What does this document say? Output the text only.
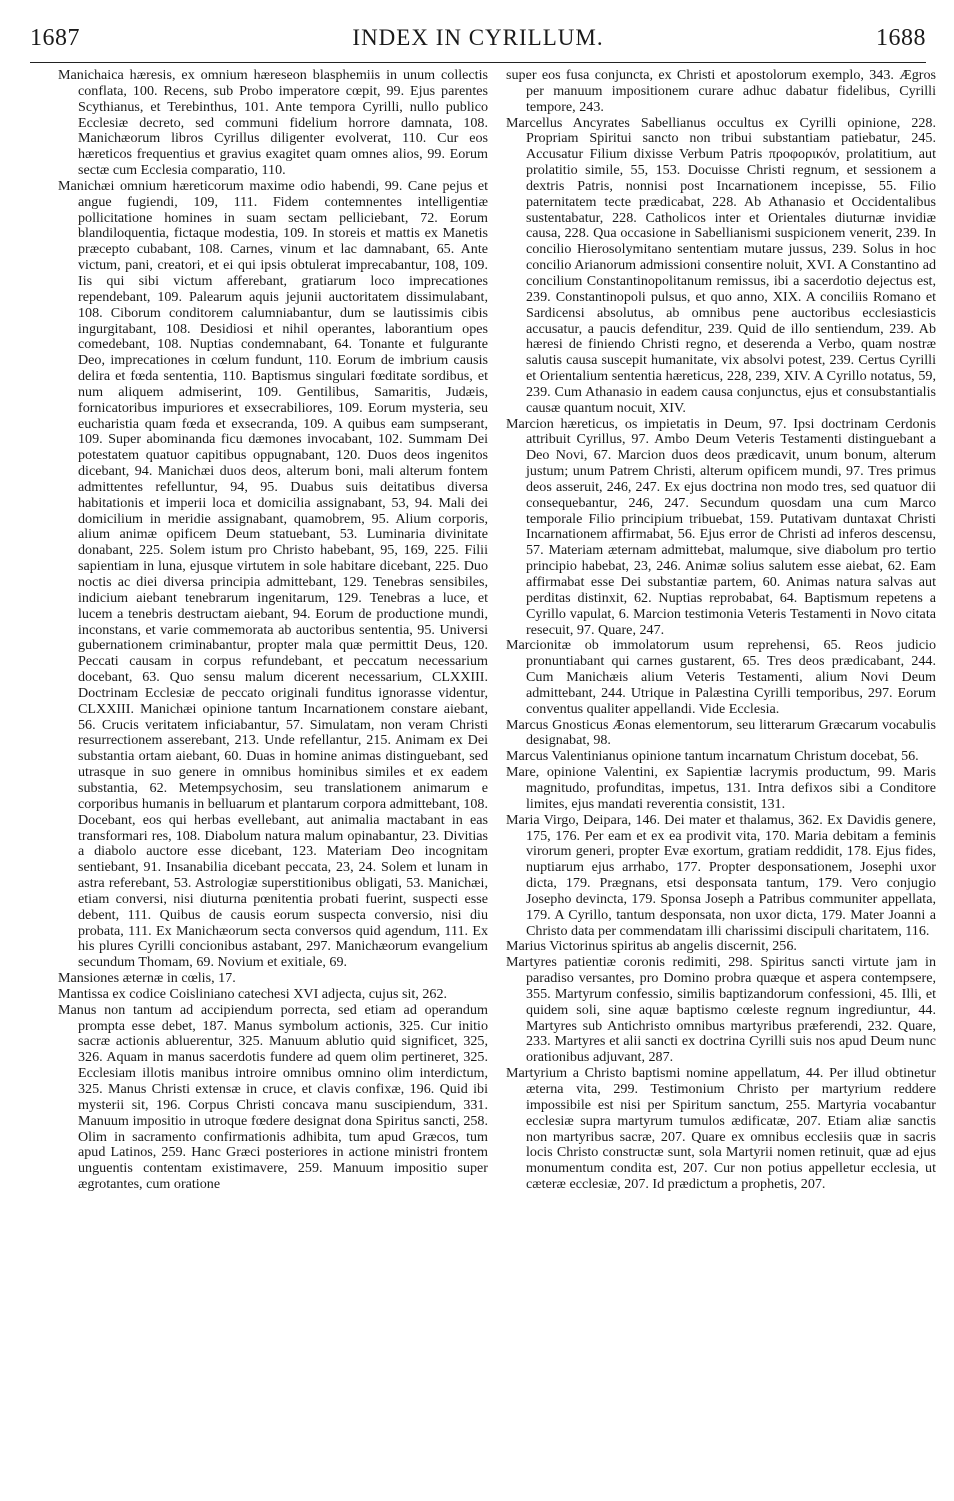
1687	INDEX IN CYRILLUM.	1688

Manichaica hæresis, ex omnium hæreseon blasphemiis in unum collectis conflata, 100. Recens, sub Probo imperatore cœpit, 99. Ejus parentes Scythianus, et Terebinthus, 101. Ante tempora Cyrilli, nullo publico Ecclesiæ decreto, sed communi fidelium horrore damnata, 108. Manichæorum libros Cyrillus diligenter evolverat, 110. Cur eos hæreticos frequentius et gravius exagitet quam omnes alios, 99. Eorum sectæ cum Ecclesia comparatio, 110.

Manichæi omnium hæreticorum maxime odio habendi, 99. Cane pejus et angue fugiendi, 109, 111. Fidem contemnentes intelligentiæ pollicitatione homines in suam sectam pelliciebant, 72. Eorum blandiloquentia, fictaque modestia, 109. In storeis et mattis ex Manetis præcepto cubabant, 108. Carnes, vinum et lac damnabant, 65. Ante victum, pani, creatori, et ei qui ipsis obtulerat imprecabantur, 108, 109. Iis qui sibi victum afferebant, gratiarum loco imprecationes rependebant, 109. Palearum aquis jejunii auctoritatem dissimulabant, 108. Ciborum conditorem calumniabantur, dum se lautissimis cibis ingurgitabant, 108. Desidiosi et nihil operantes, laborantium opes comedebant, 108. Nuptias condemnabant, 64. Tonante et fulgurante Deo, imprecationes in cœlum fundunt, 110. Eorum de imbrium causis delira et fœda sententia, 110. Baptismus singulari fœditate sordibus, et num aliquem admiserint, 109. Gentilibus, Samaritis, Judæis, fornicatoribus impuriores et exsecrabiliores, 109. Eorum mysteria, seu eucharistia quam fœda et exsecranda, 109. A quibus eam sumpserant, 109. Super abominanda ficu dæmones invocabant, 102. Summam Dei potestatem quatuor capitibus oppugnabant, 120. Duos deos ingenitos dicebant, 94. Manichæi duos deos, alterum boni, mali alterum fontem admittentes refelluntur, 94, 95. Duabus suis deitatibus diversa habitationis et imperii loca et domicilia assignabant, 53, 94. Mali dei domicilium in meridie assignabant, quamobrem, 95. Alium corporis, alium animæ opificem Deum statuebant, 53. Luminaria divinitate donabant, 225. Solem istum pro Christo habebant, 95, 169, 225. Filii sapientiam in luna, ejusque virtutem in sole habitare dicebant, 225. Duo noctis ac diei diversa principia admittebant, 129. Tenebras sensibiles, indicium aiebant tenebrarum ingenitarum, 129. Tenebras a luce, et lucem a tenebris destructam aiebant, 94. Eorum de productione mundi, inconstans, et varie commemorata ab auctoribus sententia, 95. Universi gubernationem criminabantur, propter mala quæ permittit Deus, 120. Peccati causam in corpus refundebant, et peccatum necessarium docebant, 63. Quo sensu malum dicerent necessarium, CLXXIII. Doctrinam Ecclesiæ de peccato originali funditus ignorasse videntur, CLXXIII. Manichæi opinione tantum Incarnationem constare aiebant, 56. Crucis veritatem inficiabantur, 57. Simulatam, non veram Christi resurrectionem asserebant, 213. Unde refellantur, 215. Animam ex Dei substantia ortam aiebant, 60. Duas in homine animas distinguebant, sed utrasque in suo genere in omnibus hominibus similes et ex eadem substantia, 62. Metempsychosim, seu translationem animarum e corporibus humanis in belluarum et plantarum corpora admittebant, 108. Docebant, eos qui herbas evellebant, aut animalia mactabant in eas transformari res, 108. Diabolum natura malum opinabantur, 23. Divitias a diabolo auctore esse dicebant, 123. Materiam Deo incognitam sentiebant, 91. Insanabilia dicebant peccata, 23, 24. Solem et lunam in astra referebant, 53. Astrologiæ superstitionibus obligati, 53. Manichæi, etiam conversi, nisi diuturna pœnitentia probati fuerint, suspecti esse debent, 111. Quibus de causis eorum suspecta conversio, nisi diu probata, 111. Ex Manichæorum secta conversos quid agendum, 111. Ex his plures Cyrilli concionibus astabant, 297. Manichæorum evangelium secundum Thomam, 69. Novium et exitiale, 69.

Mansiones æternæ in cœlis, 17.

Mantissa ex codice Coisliniano catechesi XVI adjecta, cujus sit, 262.

Manus non tantum ad accipiendum porrecta, sed etiam ad operandum prompta esse debet, 187. Manus symbolum actionis, 325. Cur initio sacræ actionis abluerentur, 325. Manuum ablutio quid significet, 325, 326. Aquam in manus sacerdotis fundere ad quem olim pertineret, 325. Ecclesiam illotis manibus introire omnibus omnino olim interdictum, 325. Manus Christi extensæ in cruce, et clavis confixæ, 196. Quid ibi mysterii sit, 196. Corpus Christi concava manu suscipiendum, 331. Manuum impositio in utroque fœdere designat dona Spiritus sancti, 258. Olim in sacramento confirmationis adhibita, tum apud Græcos, tum apud Latinos, 259. Hanc Græci posteriores in actione ministri frontem unguentis contentam existimavere, 259. Manuum impositio super ægrotantes, cum oratione

super eos fusa conjuncta, ex Christi et apostolorum exemplo, 343. Ægros per manuum impositionem curare adhuc dabatur fidelibus, Cyrilli tempore, 243.

Marcellus Ancyrates Sabellianus occultus ex Cyrilli opinione, 228. Propriam Spiritui sancto non tribui substantiam patiebatur, 245. Accusatur Filium dixisse Verbum Patris προφορικόν, prolatitium, aut prolatitio simile, 55, 153. Docuisse Christi regnum, et sessionem a dextris Patris, nonnisi post Incarnationem incepisse, 55. Filio paternitatem tecte prædicabat, 228. Ab Athanasio et Occidentalibus sustentabatur, 228. Catholicos inter et Orientales diuturnæ invidiæ causa, 228. Qua occasione in Sabellianismi suspicionem venerit, 239. In concilio Hierosolymitano sententiam mutare jussus, 239. Solus in hoc concilio Arianorum admissioni consentire noluit, XVI. A Constantino ad concilium Constantinopolitanum remissus, ibi a sacerdotio dejectus est, 239. Constantinopoli pulsus, et quo anno, XIX. A conciliis Romano et Sardicensi absolutus, ab omnibus pene auctoribus ecclesiasticis accusatur, a paucis defenditur, 239. Quid de illo sentiendum, 239. Ab hæresi de finiendo Christi regno, et deserenda a Verbo, quam nostræ salutis causa suscepit humanitate, vix absolvi potest, 239. Certus Cyrilli et Orientalium sententia hæreticus, 228, 239, XIV. A Cyrillo notatus, 59, 239. Cum Athanasio in eadem causa conjunctus, ejus et consubstantialis causæ quantum nocuit, XIV.

Marcion hæreticus, os impietatis in Deum, 97. Ipsi doctrinam Cerdonis attribuit Cyrillus, 97. Ambo Deum Veteris Testamenti distinguebant a Deo Novi, 67. Marcion duos deos prædicavit, unum bonum, alterum justum; unum Patrem Christi, alterum opificem mundi, 97. Tres primus deos asseruit, 246, 247. Ex ejus doctrina non modo tres, sed quatuor dii consequebantur, 246, 247. Secundum quosdam una cum Marco temporale Filio principium tribuebat, 159. Putativam duntaxat Christi Incarnationem affirmabat, 56. Ejus error de Christi ad inferos descensu, 57. Materiam æternam admittebat, malumque, sive diabolum pro tertio principio habebat, 23, 246. Animæ solius salutem esse aiebat, 62. Eam affirmabat esse Dei substantiæ partem, 60. Animas natura salvas aut perditas distinxit, 62. Nuptias reprobabat, 64. Baptismum repetens a Cyrillo vapulat, 6. Marcion testimonia Veteris Testamenti in Novo citata resecuit, 97. Quare, 247.

Marcionitæ ob immolatorum usum reprehensi, 65. Reos judicio pronuntiabant qui carnes gustarent, 65. Tres deos prædicabant, 244. Cum Manichæis alium Veteris Testamenti, alium Novi Deum admittebant, 244. Utrique in Palæstina Cyrilli temporibus, 297. Eorum conventus qualiter appellandi. Vide Ecclesia.

Marcus Gnosticus Æonas elementorum, seu litterarum Græcarum vocabulis designabat, 98.

Marcus Valentinianus opinione tantum incarnatum Christum docebat, 56.

Mare, opinione Valentini, ex Sapientiæ lacrymis productum, 99. Maris magnitudo, profunditas, impetus, 131. Intra defixos sibi a Conditore limites, ejus mandati reverentia consistit, 131.

Maria Virgo, Deipara, 146. Dei mater et thalamus, 362. Ex Davidis genere, 175, 176. Per eam et ex ea prodivit vita, 170. Maria debitam a feminis virorum generi, propter Evæ exortum, gratiam reddidit, 178. Ejus fides, nuptiarum ejus arrhabo, 177. Propter desponsationem, Josephi uxor dicta, 179. Prægnans, etsi desponsata tantum, 179. Vero conjugio Josepho devincta, 179. Sponsa Joseph a Patribus communiter appellata, 179. A Cyrillo, tantum desponsata, non uxor dicta, 179. Mater Joanni a Christo data per commendatam illi charissimi discipuli charitatem, 116.

Marius Victorinus spiritus ab angelis discernit, 256.

Martyres patientiæ coronis redimiti, 298. Spiritus sancti virtute jam in paradiso versantes, pro Domino probra quæque et aspera contempsere, 355. Martyrum confessio, similis baptizandorum confessioni, 45. Illi, et quidem soli, sine aquæ baptismo cœleste regnum ingrediuntur, 44. Martyres sub Antichristo omnibus martyribus præferendi, 232. Quare, 233. Martyres et alii sancti ex doctrina Cyrilli suis nos apud Deum nunc orationibus adjuvant, 287.

Martyrium a Christo baptismi nomine appellatum, 44. Per illud obtinetur æterna vita, 299. Testimonium Christo per martyrium reddere impossibile est nisi per Spiritum sanctum, 255. Martyria vocabantur ecclesiæ supra martyrum tumulos ædificatæ, 207. Etiam aliæ sanctis non martyribus sacræ, 207. Quare ex omnibus ecclesiis quæ in sacris locis Christo constructæ sunt, sola Martyrii nomen retinuit, quæ ad ejus monumentum condita est, 207. Cur non potius appelletur ecclesia, ut cæteræ ecclesiæ, 207. Id prædictum a prophetis, 207.
